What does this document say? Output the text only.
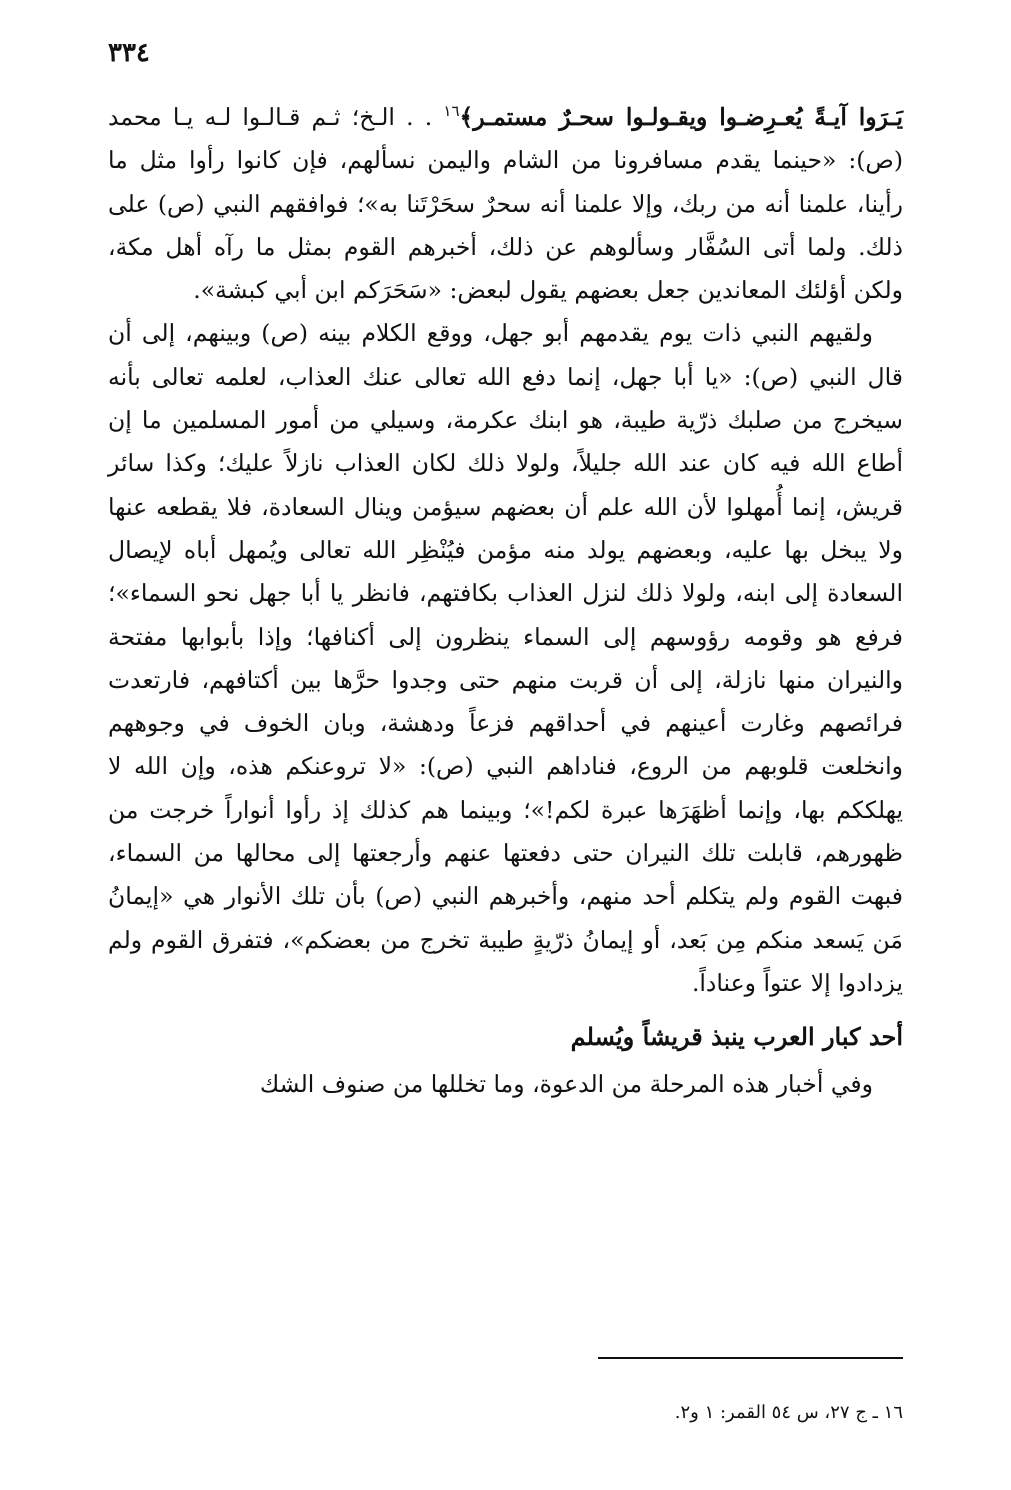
٣٣٤

يَـرَوا آيـةً يُعـرِضـوا ويقـولـوا سحـرٌ مستمـر﴾$^{١٦}$ . . الـخ؛ ثـم قـالـوا لـه يـا محمد (ص): «حينما يقدم مسافرونا من الشام واليمن نسألهم، فإن كانوا رأوا مثل ما رأينا، علمنا أنه من ربك، وإلا علمنا أنه سحرٌ سحَرْتَنا به»؛ فوافقهم النبي (ص) على ذلك. ولما أتى السُفَّار وسألوهم عن ذلك، أخبرهم القوم بمثل ما رآه أهل مكة، ولكن أؤلئك المعاندين جعل بعضهم يقول لبعض: «سَحَرَكم ابن أبي كبشة».

ولقيهم النبي ذات يوم يقدمهم أبو جهل، ووقع الكلام بينه (ص) وبينهم، إلى أن قال النبي (ص): «يا أبا جهل، إنما دفع الله تعالى عنك العذاب، لعلمه تعالى بأنه سيخرج من صلبك ذرّية طيبة، هو ابنك عكرمة، وسيلي من أمور المسلمين ما إن أطاع الله فيه كان عند الله جليلاً، ولولا ذلك لكان العذاب نازلاً عليك؛ وكذا سائر قريش، إنما أُمهلوا لأن الله علم أن بعضهم سيؤمن وينال السعادة، فلا يقطعه عنها ولا يبخل بها عليه، وبعضهم يولد منه مؤمن فيُنْظِر الله تعالى ويُمهل أباه لإيصال السعادة إلى ابنه، ولولا ذلك لنزل العذاب بكافتهم، فانظر يا أبا جهل نحو السماء»؛ فرفع هو وقومه رؤوسهم إلى السماء ينظرون إلى أكنافها؛ وإذا بأبوابها مفتحة والنيران منها نازلة، إلى أن قربت منهم حتى وجدوا حرَّها بين أكتافهم، فارتعدت فرائصهم وغارت أعينهم في أحداقهم فزعاً ودهشة، وبان الخوف في وجوههم وانخلعت قلوبهم من الروع، فناداهم النبي (ص): «لا تروعنكم هذه، وإن الله لا يهلككم بها، وإنما أظهَرَها عبرة لكم!»؛ وبينما هم كذلك إذ رأوا أنواراً خرجت من ظهورهم، قابلت تلك النيران حتى دفعتها عنهم وأرجعتها إلى محالها من السماء، فبهت القوم ولم يتكلم أحد منهم، وأخبرهم النبي (ص) بأن تلك الأنوار هي «إيمانُ مَن يَسعد منكم مِن بَعد، أو إيمانُ ذرّيةٍ طيبة تخرج من بعضكم»، فتفرق القوم ولم يزدادوا إلا عتواً وعناداً.

أحد كبار العرب ينبذ قريشاً ويُسلم

وفي أخبار هذه المرحلة من الدعوة، وما تخللها من صنوف الشك

١٦ ـ ج ٢٧، س ٥٤ القمر: ١ و٢.
